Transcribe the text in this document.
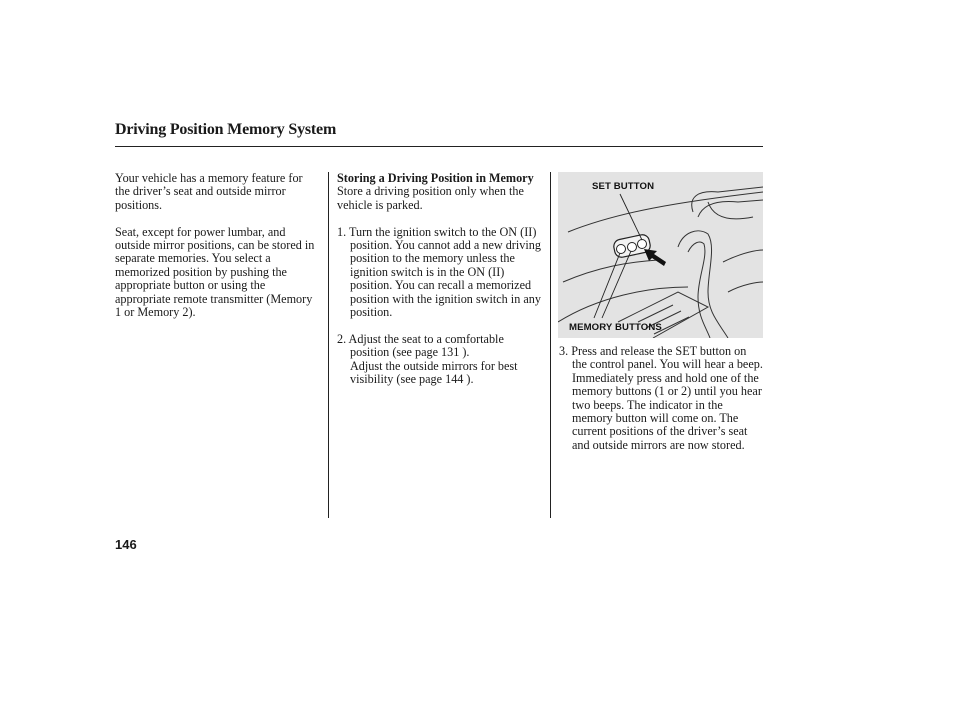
Driving Position Memory System

Your vehicle has a memory feature for the driver’s seat and outside mirror positions.

Seat, except for power lumbar, and outside mirror positions, can be stored in separate memories. You select a memorized position by pushing the appropriate button or using the appropriate remote transmitter (Memory 1 or Memory 2).

Storing a Driving Position in Memory

Store a driving position only when the vehicle is parked.

1. Turn the ignition switch to the ON (II) position. You cannot add a new driving position to the memory unless the ignition switch is in the ON (II) position. You can recall a memorized position with the ignition switch in any position.

2. Adjust the seat to a comfortable position (see page 131 ).

Adjust the outside mirrors for best visibility (see page 144 ).

SET BUTTON
MEMORY BUTTONS

3. Press and release the SET button on the control panel. You will hear a beep. Immediately press and hold one of the memory buttons (1 or 2) until you hear two beeps. The indicator in the memory button will come on. The current positions of the driver’s seat and outside mirrors are now stored.

146
